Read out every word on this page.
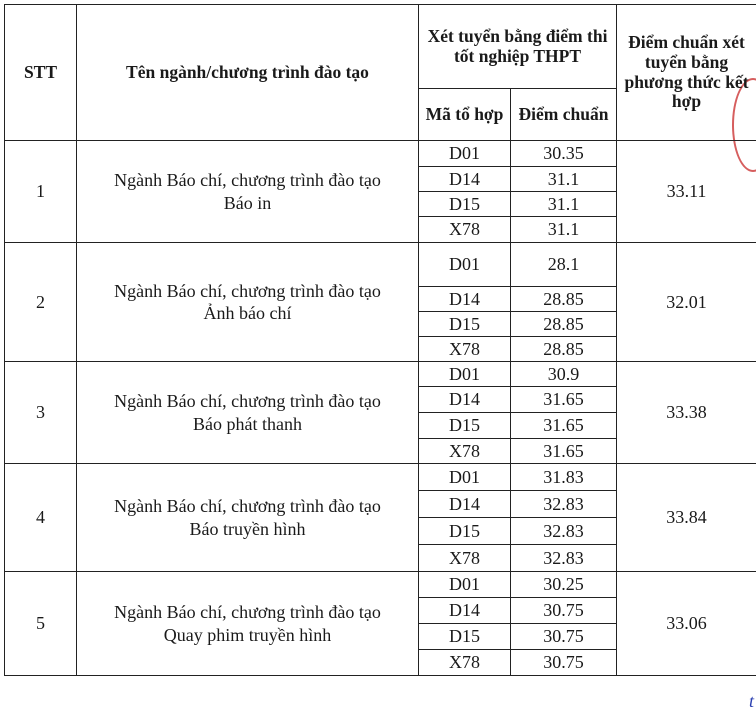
t
STT	Tên ngành/chương trình đào tạo	Xét tuyển bằng điểm thi tốt nghiệp THPT		Điểm chuẩn xét tuyển bằng phương thức kết hợp
		Mã tổ hợp	Điểm chuẩn	
1	Ngành Báo chí, chương trình đào tạo
Báo in	D01	30.35	33.11
		D14	31.1	
		D15	31.1	
		X78	31.1	
2	Ngành Báo chí, chương trình đào tạo
Ảnh báo chí	D01	28.1	32.01
		D14	28.85	
		D15	28.85	
		X78	28.85	
3	Ngành Báo chí, chương trình đào tạo
Báo phát thanh	D01	30.9	33.38
		D14	31.65	
		D15	31.65	
		X78	31.65	
4	Ngành Báo chí, chương trình đào tạo
Báo truyền hình	D01	31.83	33.84
		D14	32.83	
		D15	32.83	
		X78	32.83	
5	Ngành Báo chí, chương trình đào tạo
Quay phim truyền hình	D01	30.25	33.06
		D14	30.75	
		D15	30.75	
		X78	30.75	
